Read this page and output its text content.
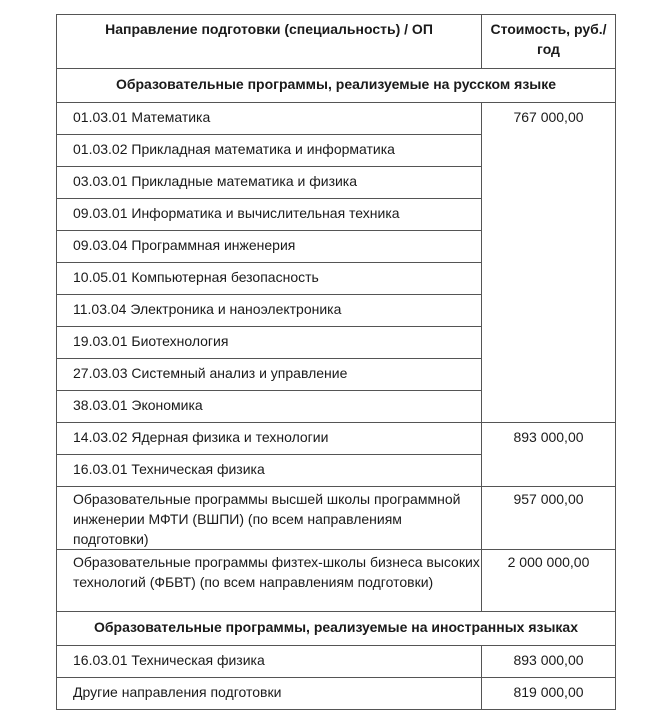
Направление подготовки (специальность) / ОП	Стоимость, руб./ год

Образовательные программы, реализуемые на русском языке	

01.03.01 Математика	767 000,00

01.03.02 Прикладная математика и информатика	

03.03.01 Прикладные математика и физика	

09.03.01 Информатика и вычислительная техника	

09.03.04 Программная инженерия	

10.05.01 Компьютерная безопасность	

11.03.04 Электроника и наноэлектроника	

19.03.01 Биотехнология	

27.03.03 Системный анализ и управление	

38.03.01 Экономика	

14.03.02 Ядерная физика и технологии	893 000,00

16.03.01 Техническая физика	

Образовательные программы высшей школы программной инженерии МФТИ (ВШПИ) (по всем направлениям подготовки)	957 000,00

Образовательные программы физтех-школы бизнеса высоких технологий (ФБВТ) (по всем направлениям подготовки)	2 000 000,00

Образовательные программы, реализуемые на иностранных языках	

16.03.01 Техническая физика	893 000,00

Другие направления подготовки	819 000,00
